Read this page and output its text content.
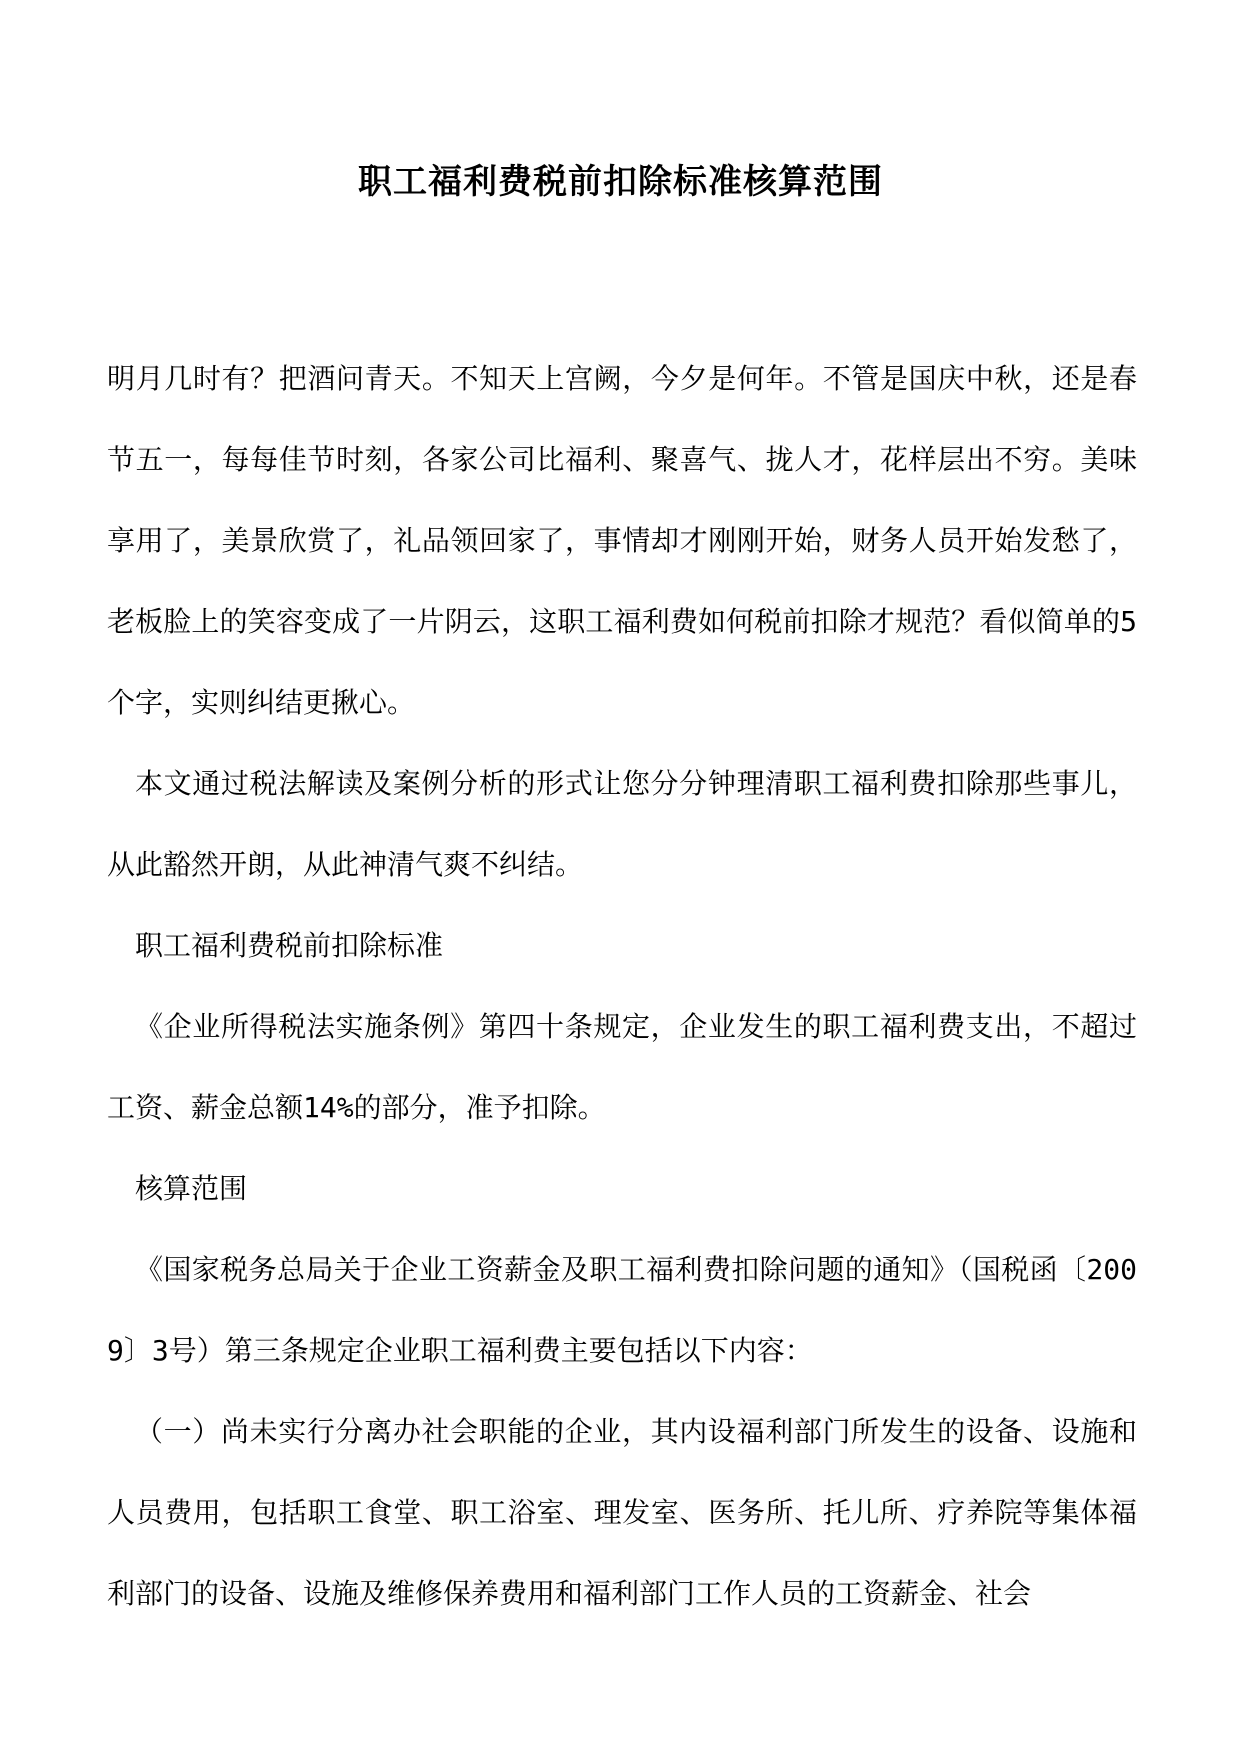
职工福利费税前扣除标准核算范围

明月几时有？把酒问青天。不知天上宫阙，今夕是何年。不管是国庆中秋，还是春节五一，每每佳节时刻，各家公司比福利、聚喜气、拢人才，花样层出不穷。美味享用了，美景欣赏了，礼品领回家了，事情却才刚刚开始，财务人员开始发愁了，老板脸上的笑容变成了一片阴云，这职工福利费如何税前扣除才规范？看似简单的5个字，实则纠结更揪心。

本文通过税法解读及案例分析的形式让您分分钟理清职工福利费扣除那些事儿，从此豁然开朗，从此神清气爽不纠结。

职工福利费税前扣除标准

《企业所得税法实施条例》第四十条规定，企业发生的职工福利费支出，不超过工资、薪金总额14%的部分，准予扣除。

核算范围

《国家税务总局关于企业工资薪金及职工福利费扣除问题的通知》（国税函〔2009〕3号）第三条规定企业职工福利费主要包括以下内容：

（一）尚未实行分离办社会职能的企业，其内设福利部门所发生的设备、设施和人员费用，包括职工食堂、职工浴室、理发室、医务所、托儿所、疗养院等集体福利部门的设备、设施及维修保养费用和福利部门工作人员的工资薪金、社会
